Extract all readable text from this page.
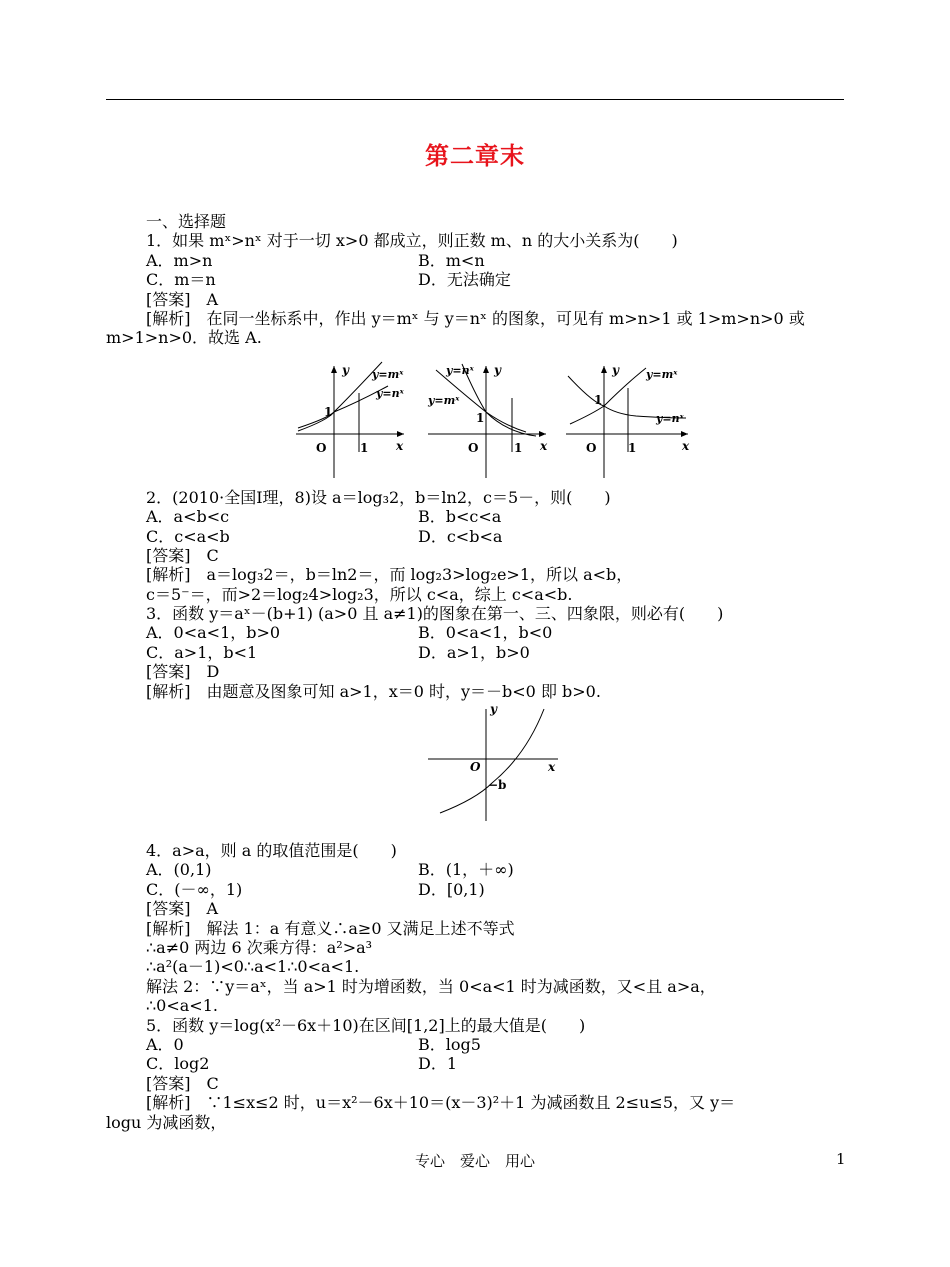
第二章末
一、选择题
1．如果 mˣ>nˣ 对于一切 x>0 都成立，则正数 m、n 的大小关系为(　　)
A．m>n	B．m<n
C．m＝n	D．无法确定
[答案]　A
[解析]　在同一坐标系中，作出 y＝mˣ 与 y＝nˣ 的图象，可见有 m>n>1 或 1>m>n>0 或
m>1>n>0．故选 A.
y y=mˣ
y=nˣ
1
O	1 x
y
y=nˣ
y=mˣ
1
O	1 x
y y=mˣ
y=nˣ
1
O	1	x
2．(2010·全国Ⅰ理，8)设 a＝log₃2，b＝ln2，c＝5－，则(　　)
A．a<b<c	B．b<c<a
C．c<a<b	D．c<b<a
[答案]　C
[解析]　a＝log₃2＝，b＝ln2＝，而 log₂3>log₂e>1，所以 a<b，
c＝5⁻＝，而>2＝log₂4>log₂3，所以 c<a，综上 c<a<b.
3．函数 y＝aˣ－(b+1) (a>0 且 a≠1)的图象在第一、三、四象限，则必有(　　)
A．0<a<1，b>0	B．0<a<1，b<0
C．a>1，b<1	D．a>1，b>0
[答案]　D
[解析]　由题意及图象可知 a>1，x＝0 时，y＝－b<0 即 b>0.
y
O	x
−b
4．a>a，则 a 的取值范围是(　　)
A．(0,1)	B．(1，＋∞)
C．(－∞，1)	D．[0,1)
[答案]　A
[解析]　解法 1：a 有意义∴a≥0 又满足上述不等式
∴a≠0 两边 6 次乘方得：a²>a³
∴a²(a－1)<0∴a<1∴0<a<1.
解法 2：∵y＝aˣ，当 a>1 时为增函数，当 0<a<1 时为减函数，又<且 a>a，
∴0<a<1.
5．函数 y＝log(x²－6x＋10)在区间[1,2]上的最大值是(　　)
A．0	B．log5
C．log2	D．1
[答案]　C
[解析]　∵1≤x≤2 时，u＝x²－6x＋10＝(x－3)²＋1 为减函数且 2≤u≤5，又 y＝
logu 为减函数，
专心　爱心　用心	1
